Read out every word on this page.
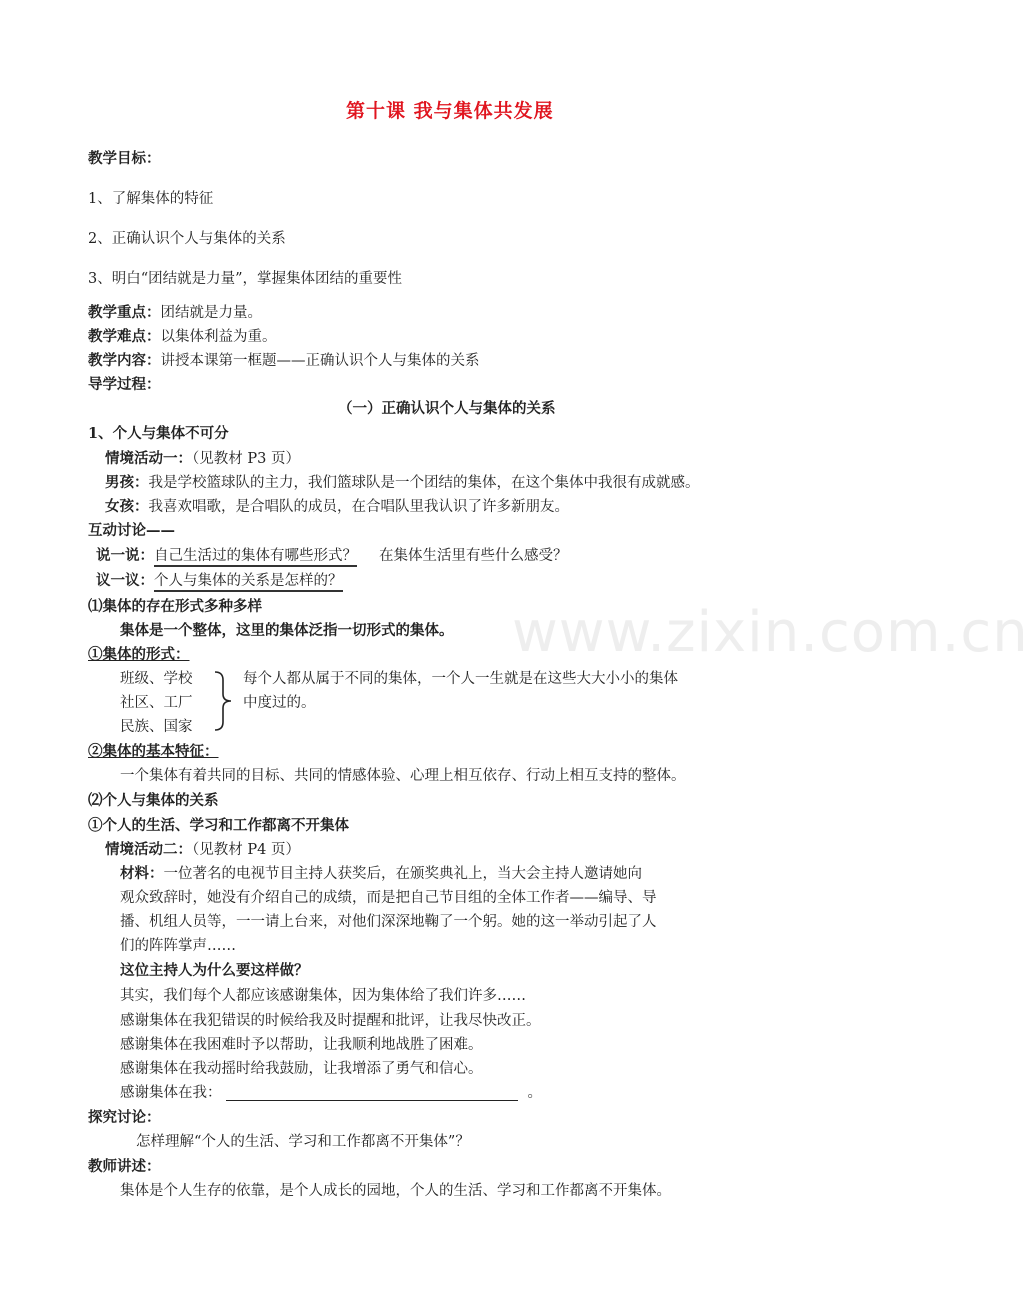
www.zixin.com.cn
第十课 我与集体共发展
教学目标：
1、了解集体的特征
2、正确认识个人与集体的关系
3、明白“团结就是力量”，掌握集体团结的重要性
教学重点：团结就是力量。
教学难点：以集体利益为重。
教学内容：讲授本课第一框题——正确认识个人与集体的关系
导学过程：
（一）正确认识个人与集体的关系
1、个人与集体不可分
情境活动一：（见教材 P3 页）
男孩：我是学校篮球队的主力，我们篮球队是一个团结的集体，在这个集体中我很有成就感。
女孩：我喜欢唱歌，是合唱队的成员，在合唱队里我认识了许多新朋友。
互动讨论——
说一说：自己生活过的集体有哪些形式？ 在集体生活里有些什么感受？
议一议：个人与集体的关系是怎样的？
⑴集体的存在形式多种多样
集体是一个整体，这里的集体泛指一切形式的集体。
①集体的形式：
班级、学校
社区、工厂
民族、国家
每个人都从属于不同的集体，一个人一生就是在这些大大小小的集体
中度过的。
②集体的基本特征：
一个集体有着共同的目标、共同的情感体验、心理上相互依存、行动上相互支持的整体。
⑵个人与集体的关系
①个人的生活、学习和工作都离不开集体
情境活动二：（见教材 P4 页）
材料：一位著名的电视节目主持人获奖后，在颁奖典礼上，当大会主持人邀请她向
观众致辞时，她没有介绍自己的成绩，而是把自己节目组的全体工作者——编导、导
播、机组人员等，一一请上台来，对他们深深地鞠了一个躬。她的这一举动引起了人
们的阵阵掌声……
这位主持人为什么要这样做？
其实，我们每个人都应该感谢集体，因为集体给了我们许多……
感谢集体在我犯错误的时候给我及时提醒和批评，让我尽快改正。
感谢集体在我困难时予以帮助，让我顺利地战胜了困难。
感谢集体在我动摇时给我鼓励，让我增添了勇气和信心。
感谢集体在我：	。
探究讨论：
怎样理解“个人的生活、学习和工作都离不开集体”？
教师讲述：
集体是个人生存的依靠，是个人成长的园地，个人的生活、学习和工作都离不开集体。
